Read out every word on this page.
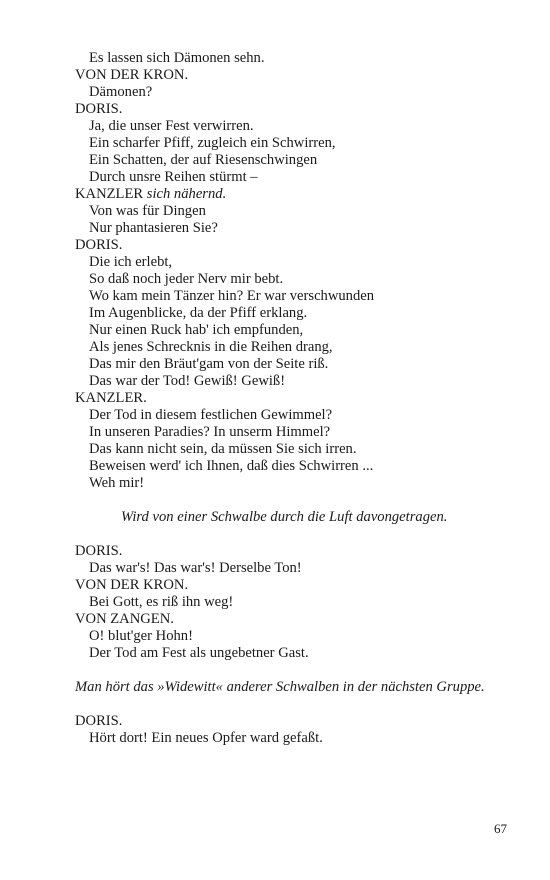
Es lassen sich Dämonen sehn.
VON DER KRON.
Dämonen?
DORIS.
Ja, die unser Fest verwirren.
Ein scharfer Pfiff, zugleich ein Schwirren,
Ein Schatten, der auf Riesenschwingen
Durch unsre Reihen stürmt –
KANZLER sich nähernd.
Von was für Dingen
Nur phantasieren Sie?
DORIS.
Die ich erlebt,
So daß noch jeder Nerv mir bebt.
Wo kam mein Tänzer hin? Er war verschwunden
Im Augenblicke, da der Pfiff erklang.
Nur einen Ruck hab' ich empfunden,
Als jenes Schrecknis in die Reihen drang,
Das mir den Bräut'gam von der Seite riß.
Das war der Tod! Gewiß! Gewiß!
KANZLER.
Der Tod in diesem festlichen Gewimmel?
In unseren Paradies? In unserm Himmel?
Das kann nicht sein, da müssen Sie sich irren.
Beweisen werd' ich Ihnen, daß dies Schwirren ...
Weh mir!
Wird von einer Schwalbe durch die Luft davongetragen.
DORIS.
Das war's! Das war's! Derselbe Ton!
VON DER KRON.
Bei Gott, es riß ihn weg!
VON ZANGEN.
O! blut'ger Hohn!
Der Tod am Fest als ungebetner Gast.
Man hört das »Widewitt« anderer Schwalben in der nächsten Gruppe.
DORIS.
Hört dort! Ein neues Opfer ward gefaßt.
67
